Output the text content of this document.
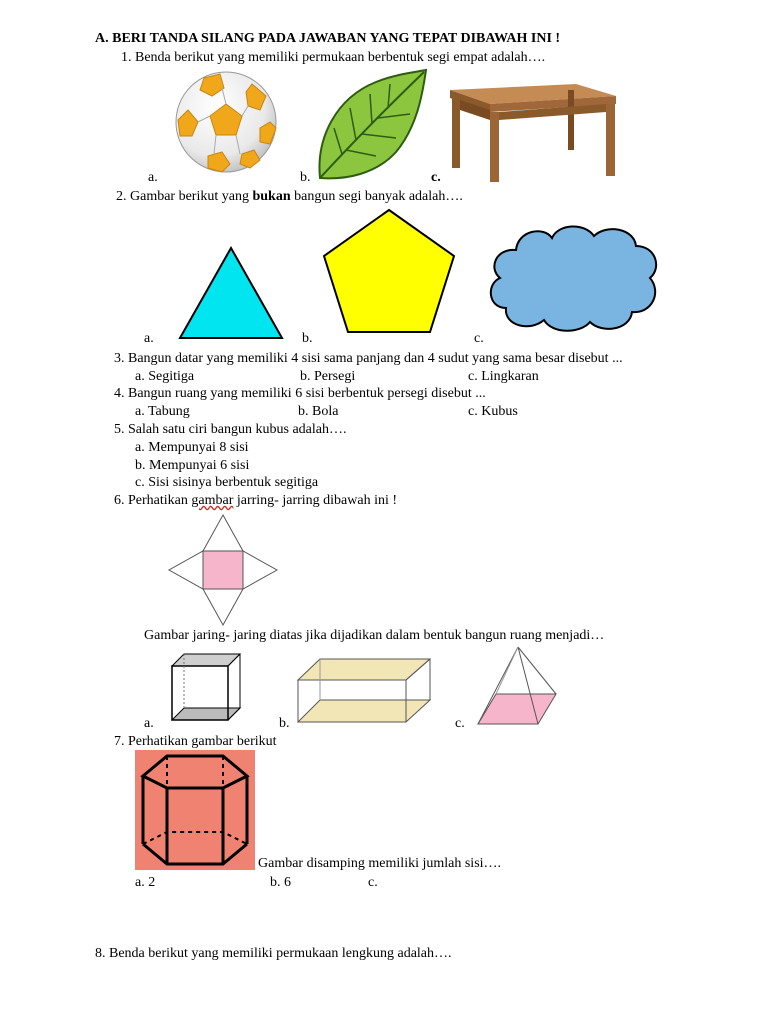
A. BERI TANDA SILANG PADA JAWABAN YANG TEPAT DIBAWAH INI !
1. Benda berikut yang memiliki permukaan berbentuk segi empat adalah….
a.	b.	c.
2. Gambar berikut yang bukan bangun segi banyak adalah….
a.	b.	c.
3. Bangun datar yang memiliki 4 sisi sama panjang dan 4 sudut yang sama besar disebut ...
a. Segitiga	b. Persegi	c. Lingkaran
4. Bangun ruang yang memiliki 6 sisi berbentuk persegi disebut ...
a. Tabung	b. Bola	c. Kubus
5. Salah satu ciri bangun kubus adalah….
a. Mempunyai 8 sisi
b. Mempunyai 6 sisi
c. Sisi sisinya berbentuk segitiga
6. Perhatikan gambar jarring- jarring dibawah ini !
Gambar jaring- jaring diatas jika dijadikan dalam bentuk bangun ruang menjadi…
a.	b.	c.
7. Perhatikan gambar berikut
Gambar disamping memiliki jumlah sisi….
a. 2	b. 6	c.
8. Benda berikut yang memiliki permukaan lengkung adalah….
